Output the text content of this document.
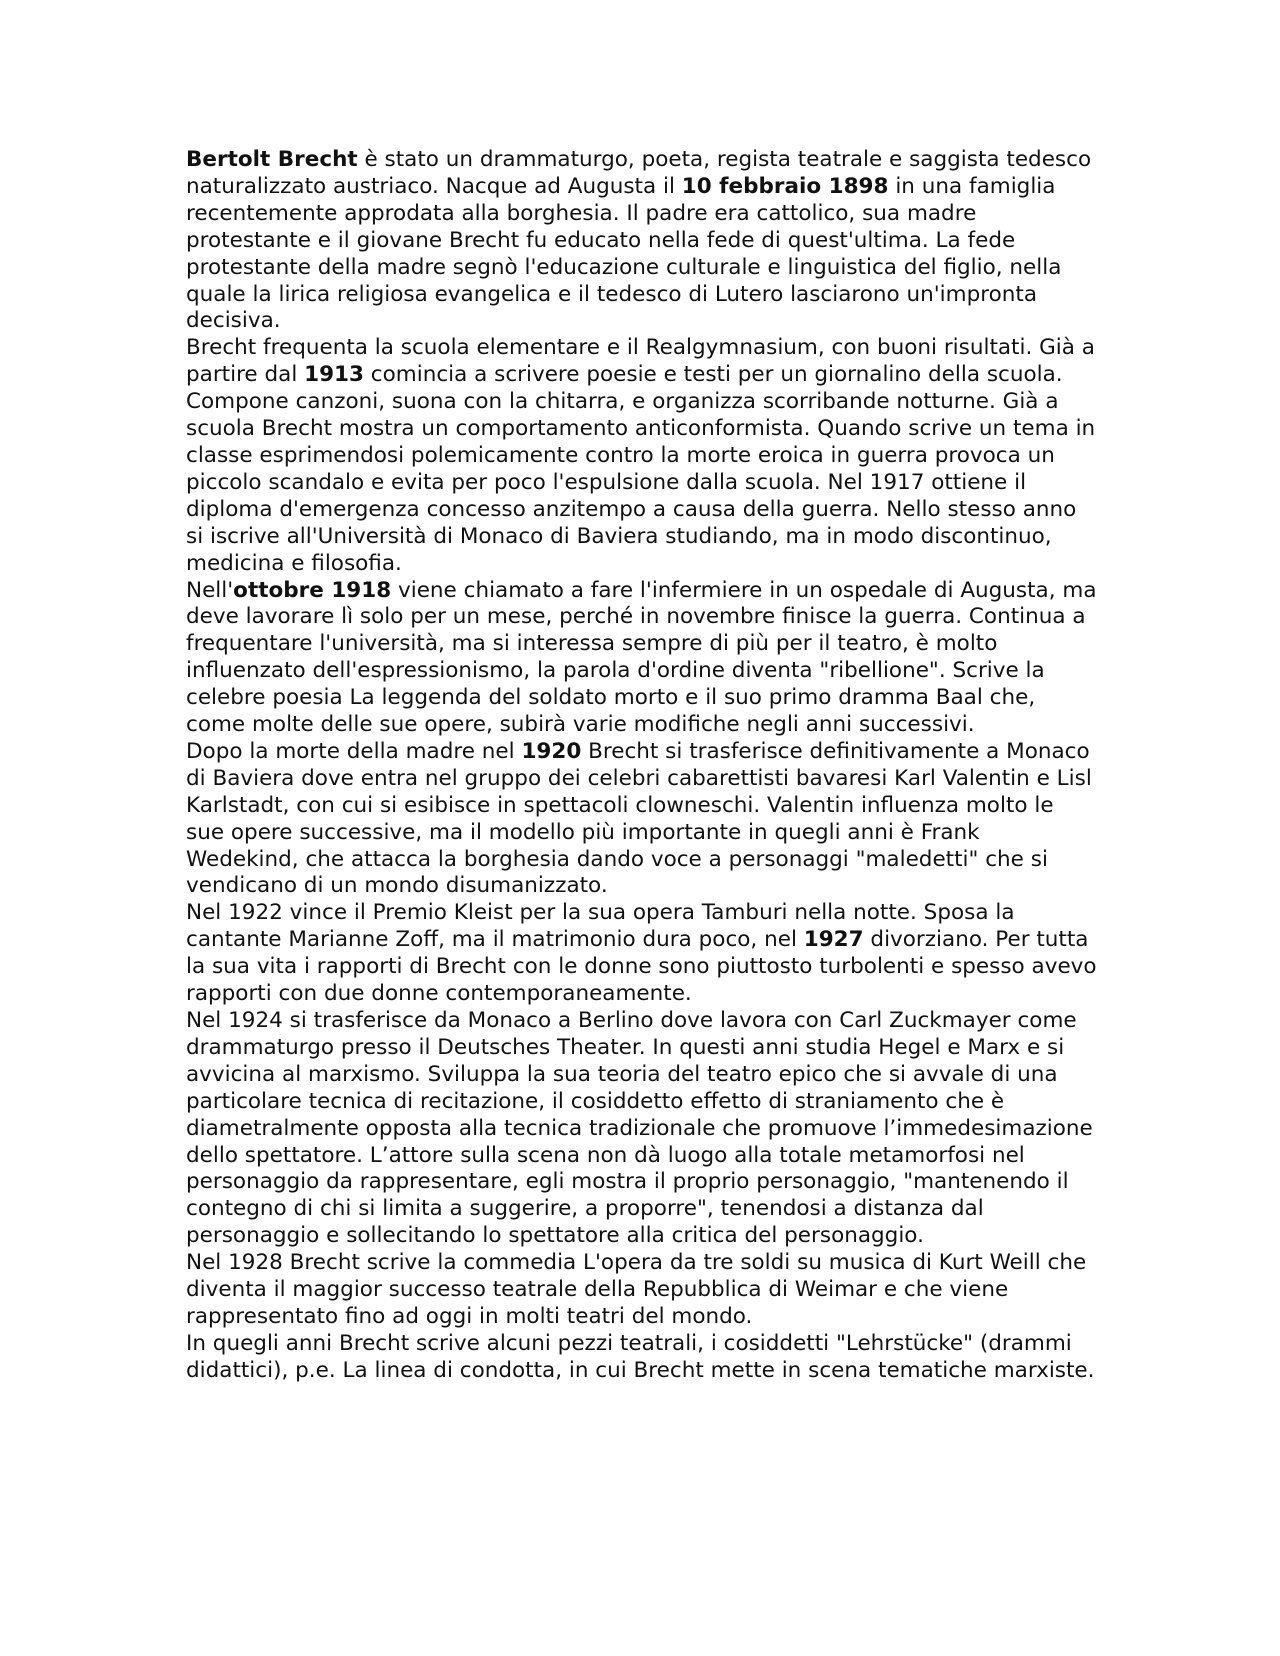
Bertolt Brecht è stato un drammaturgo, poeta, regista teatrale e saggista tedesco naturalizzato austriaco. Nacque ad Augusta il 10 febbraio 1898 in una famiglia recentemente approdata alla borghesia. Il padre era cattolico, sua madre protestante e il giovane Brecht fu educato nella fede di quest'ultima. La fede protestante della madre segnò l'educazione culturale e linguistica del figlio, nella quale la lirica religiosa evangelica e il tedesco di Lutero lasciarono un'impronta decisiva.

Brecht frequenta la scuola elementare e il Realgymnasium, con buoni risultati. Già a partire dal 1913 comincia a scrivere poesie e testi per un giornalino della scuola. Compone canzoni, suona con la chitarra, e organizza scorribande notturne. Già a scuola Brecht mostra un comportamento anticonformista. Quando scrive un tema in classe esprimendosi polemicamente contro la morte eroica in guerra provoca un piccolo scandalo e evita per poco l'espulsione dalla scuola. Nel 1917 ottiene il diploma d'emergenza concesso anzitempo a causa della guerra. Nello stesso anno si iscrive all'Università di Monaco di Baviera studiando, ma in modo discontinuo, medicina e filosofia.

Nell'ottobre 1918 viene chiamato a fare l'infermiere in un ospedale di Augusta, ma deve lavorare lì solo per un mese, perché in novembre finisce la guerra. Continua a frequentare l'università, ma si interessa sempre di più per il teatro, è molto influenzato dell'espressionismo, la parola d'ordine diventa "ribellione". Scrive la celebre poesia La leggenda del soldato morto e il suo primo dramma Baal che, come molte delle sue opere, subirà varie modifiche negli anni successivi.

Dopo la morte della madre nel 1920 Brecht si trasferisce definitivamente a Monaco di Baviera dove entra nel gruppo dei celebri cabarettisti bavaresi Karl Valentin e Lisl Karlstadt, con cui si esibisce in spettacoli clowneschi. Valentin influenza molto le sue opere successive, ma il modello più importante in quegli anni è Frank Wedekind, che attacca la borghesia dando voce a personaggi "maledetti" che si vendicano di un mondo disumanizzato.

Nel 1922 vince il Premio Kleist per la sua opera Tamburi nella notte. Sposa la cantante Marianne Zoff, ma il matrimonio dura poco, nel 1927 divorziano. Per tutta la sua vita i rapporti di Brecht con le donne sono piuttosto turbolenti e spesso avevo rapporti con due donne contemporaneamente.

Nel 1924 si trasferisce da Monaco a Berlino dove lavora con Carl Zuckmayer come drammaturgo presso il Deutsches Theater. In questi anni studia Hegel e Marx e si avvicina al marxismo. Sviluppa la sua teoria del teatro epico che si avvale di una particolare tecnica di recitazione, il cosiddetto effetto di straniamento che è diametralmente opposta alla tecnica tradizionale che promuove l’immedesimazione dello spettatore. L’attore sulla scena non dà luogo alla totale metamorfosi nel personaggio da rappresentare, egli mostra il proprio personaggio, "mantenendo il contegno di chi si limita a suggerire, a proporre", tenendosi a distanza dal personaggio e sollecitando lo spettatore alla critica del personaggio.

Nel 1928 Brecht scrive la commedia L'opera da tre soldi su musica di Kurt Weill che diventa il maggior successo teatrale della Repubblica di Weimar e che viene rappresentato fino ad oggi in molti teatri del mondo.

In quegli anni Brecht scrive alcuni pezzi teatrali, i cosiddetti "Lehrstücke" (drammi didattici), p.e. La linea di condotta, in cui Brecht mette in scena tematiche marxiste.
